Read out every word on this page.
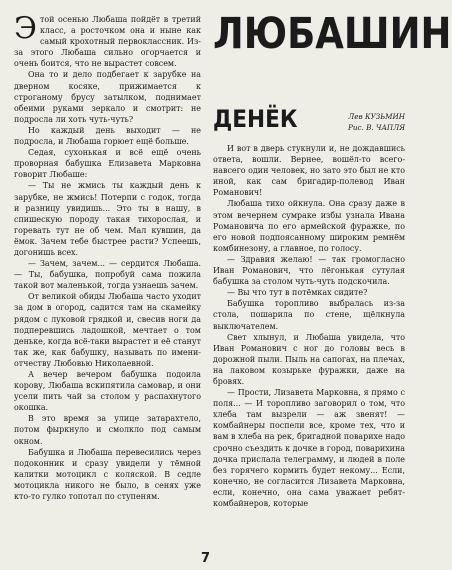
Этой осенью Любаша пойдёт в третий класс, а росточком она и ныне как самый крохотный первоклассник. Из-за этого Любаша сильно огорчается и очень боится, что не вырастет совсем.

Она то и дело подбегает к зарубке на дверном косяке, прижимается к строганому брусу затылком, поднимает обеими руками зеркало и смотрит: не подросла ли хоть чуть-чуть?

Но каждый день выходит — не подросла, и Любаша горюет ещё больше.

Седая, сухонькая и всё ещё очень проворная бабушка Елизавета Марковна говорит Любаше:

— Ты не жмись ты каждый день к зарубке, не жмись! Потерпи с годок, тогда и разницу увидишь... Это ты в нашу, в спишескую породу такая тихорослая, и горевать тут не об чем. Мал кувшин, да ёмок. Зачем тебе быстрее расти? Успеешь, догонишь всех.

— Зачем, зачем... — сердится Любаша. — Ты, бабушка, попробуй сама пожила такой вот маленькой, тогда узнаешь зачем.

От великой обиды Любаша часто уходит за дом в огород, садится там на скамейку рядом с луковой грядкой и, свесив ноги да подперевшись ладошкой, мечтает о том деньке, когда всё-таки вырастет и её станут так же, как бабушку, называть по имени-отчеству Любовью Николаевной.

А вечер вечером бабушка подоила корову, Любаша вскипятила самовар, и они усели пить чай за столом у распахнутого окошка.

В это время за улице затарахтело, потом фыркнуло и смолкло под самым окном.

Бабушка и Любаша перевесились через подоконник и сразу увидели у тёмной калитки мотоцикл с коляской. В седле мотоцикла никого не было, в сенях уже кто-то гулко топотал по ступеням.

ЛЮБАШИН
ДЕНЁК	Лев КУЗЬМИН
Рис. В. ЧАПЛЯ

И вот в дверь стукнули и, не дождавшись ответа, вошли. Вернее, вошёл-то всего-навсего один человек, но зато это был не кто иной, как сам бригадир-полевод Иван Романович!

Любаша тихо ойкнула. Она сразу даже в этом вечернем сумраке избы узнала Ивана Романовича по его армейской фуражке, по его новой подпоясанному широким ремнём комбинезону, а главное, по голосу.

— Здравия желаю! — так громогласно Иван Романович, что лёгонькая сутулая бабушка за столом чуть-чуть подскочила.

— Вы что тут в потёмках сидите?

Бабушка торопливо выбралась из-за стола, пошарила по стене, щёлкнула выключателем.

Свет хлынул, и Любаша увидела, что Иван Романович с ног до головы весь в дорожной пыли. Пыль на сапогах, на плечах, на лаковом козырьке фуражки, даже на бровях.

— Прости, Лизавета Марковна, я прямо с поля... — И торопливо заговорил о том, что хлеба там вызрели — аж звенят! — комбайнеры поспели все, кроме тех, что и вам в хлеба на рек, бригадной поварихе надо срочно съездить к дочке в город, поварихина дочка прислала телеграмму, и людей в поле без горячего кормить будет некому... Если, конечно, не согласится Лизавета Марковна, если, конечно, она сама уважает ребят-комбайнеров, которые

7
